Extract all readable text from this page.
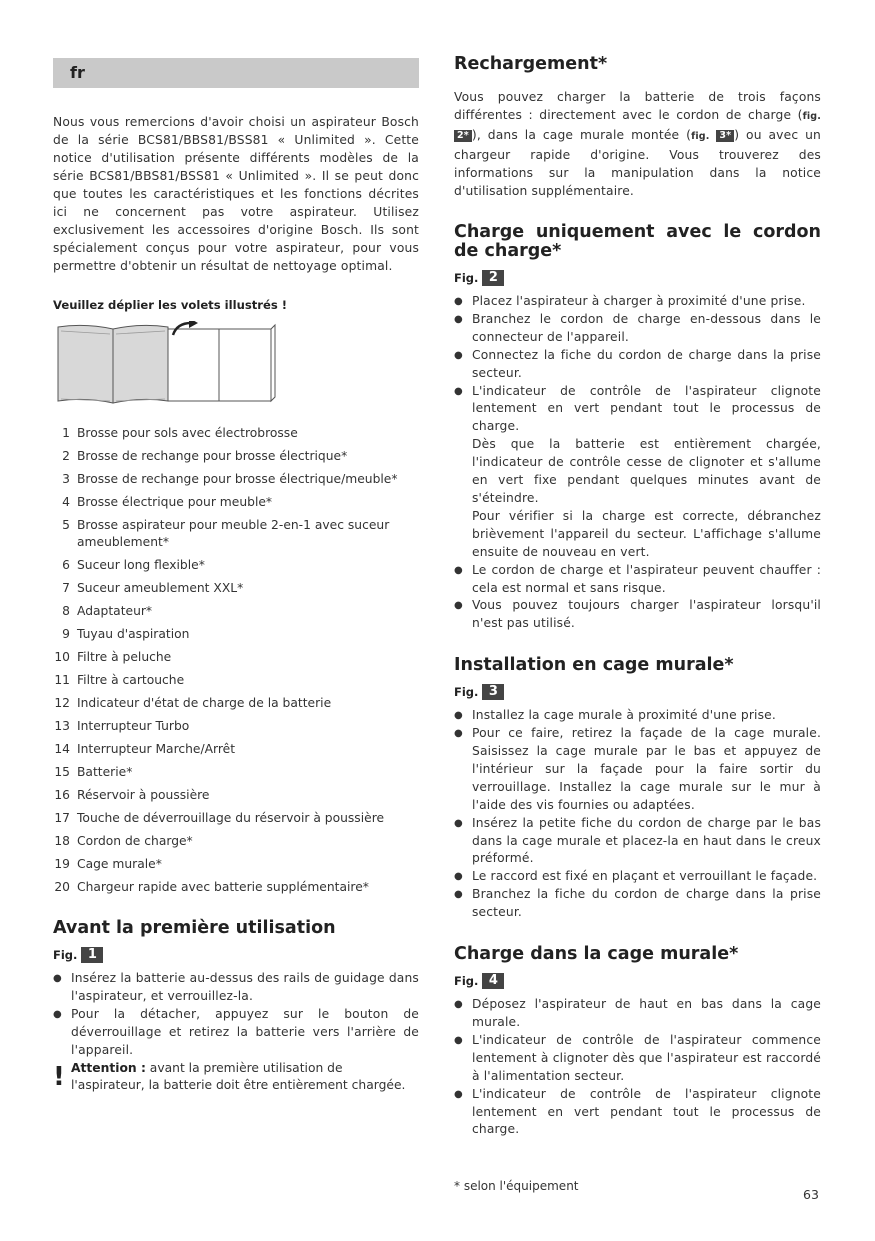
fr

Nous vous remercions d'avoir choisi un aspirateur Bosch de la série BCS81/BBS81/BSS81 « Unlimited ». Cette notice d'utilisation présente différents modèles de la série BCS81/BBS81/BSS81 « Unlimited ». Il se peut donc que toutes les caractéristiques et les fonctions décrites ici ne concernent pas votre aspirateur. Utilisez exclusivement les accessoires d'origine Bosch. Ils sont spécialement conçus pour votre aspirateur, pour vous permettre d'obtenir un résultat de nettoyage optimal.

Veuillez déplier les volets illustrés !
1 Brosse pour sols avec électrobrosse
2 Brosse de rechange pour brosse électrique*
3 Brosse de rechange pour brosse électrique/meuble*
4 Brosse électrique pour meuble*
5 Brosse aspirateur pour meuble 2-en-1 avec suceur ameublement*
6 Suceur long flexible*
7 Suceur ameublement XXL*
8 Adaptateur*
9 Tuyau d'aspiration
10 Filtre à peluche
11 Filtre à cartouche
12 Indicateur d'état de charge de la batterie
13 Interrupteur Turbo
14 Interrupteur Marche/Arrêt
15 Batterie*
16 Réservoir à poussière
17 Touche de déverrouillage du réservoir à poussière
18 Cordon de charge*
19 Cage murale*
20 Chargeur rapide avec batterie supplémentaire*
Avant la première utilisation
Fig. 1
● Insérez la batterie au-dessus des rails de guidage dans l'aspirateur, et verrouillez-la.
● Pour la détacher, appuyez sur le bouton de déverrouillage et retirez la batterie vers l'arrière de l'appareil.
! Attention : avant la première utilisation de l'aspirateur, la batterie doit être entièrement chargée.
Rechargement*

Vous pouvez charger la batterie de trois façons différentes : directement avec le cordon de charge (fig. 2* ), dans la cage murale montée (fig. 3* ) ou avec un chargeur rapide d'origine. Vous trouverez des informations sur la manipulation dans la notice d'utilisation supplémentaire.

Charge uniquement avec le cordon de charge*
Fig. 2
● Placez l'aspirateur à charger à proximité d'une prise.
● Branchez le cordon de charge en-dessous dans le connecteur de l'appareil.
● Connectez la fiche du cordon de charge dans la prise secteur.
● L'indicateur de contrôle de l'aspirateur clignote lentement en vert pendant tout le processus de charge.
Dès que la batterie est entièrement chargée, l'indicateur de contrôle cesse de clignoter et s'allume en vert fixe pendant quelques minutes avant de s'éteindre.
Pour vérifier si la charge est correcte, débranchez brièvement l'appareil du secteur. L'affichage s'allume ensuite de nouveau en vert.
● Le cordon de charge et l'aspirateur peuvent chauffer : cela est normal et sans risque.
● Vous pouvez toujours charger l'aspirateur lorsqu'il n'est pas utilisé.
Installation en cage murale*
Fig. 3
● Installez la cage murale à proximité d'une prise.
● Pour ce faire, retirez la façade de la cage murale. Saisissez la cage murale par le bas et appuyez de l'intérieur sur la façade pour la faire sortir du verrouillage. Installez la cage murale sur le mur à l'aide des vis fournies ou adaptées.
● Insérez la petite fiche du cordon de charge par le bas dans la cage murale et placez-la en haut dans le creux préformé.
● Le raccord est fixé en plaçant et verrouillant le façade.
● Branchez la fiche du cordon de charge dans la prise secteur.
Charge dans la cage murale*
Fig. 4
● Déposez l'aspirateur de haut en bas dans la cage murale.
● L'indicateur de contrôle de l'aspirateur commence lentement à clignoter dès que l'aspirateur est raccordé à l'alimentation secteur.
● L'indicateur de contrôle de l'aspirateur clignote lentement en vert pendant tout le processus de charge.
* selon l'équipement
63
